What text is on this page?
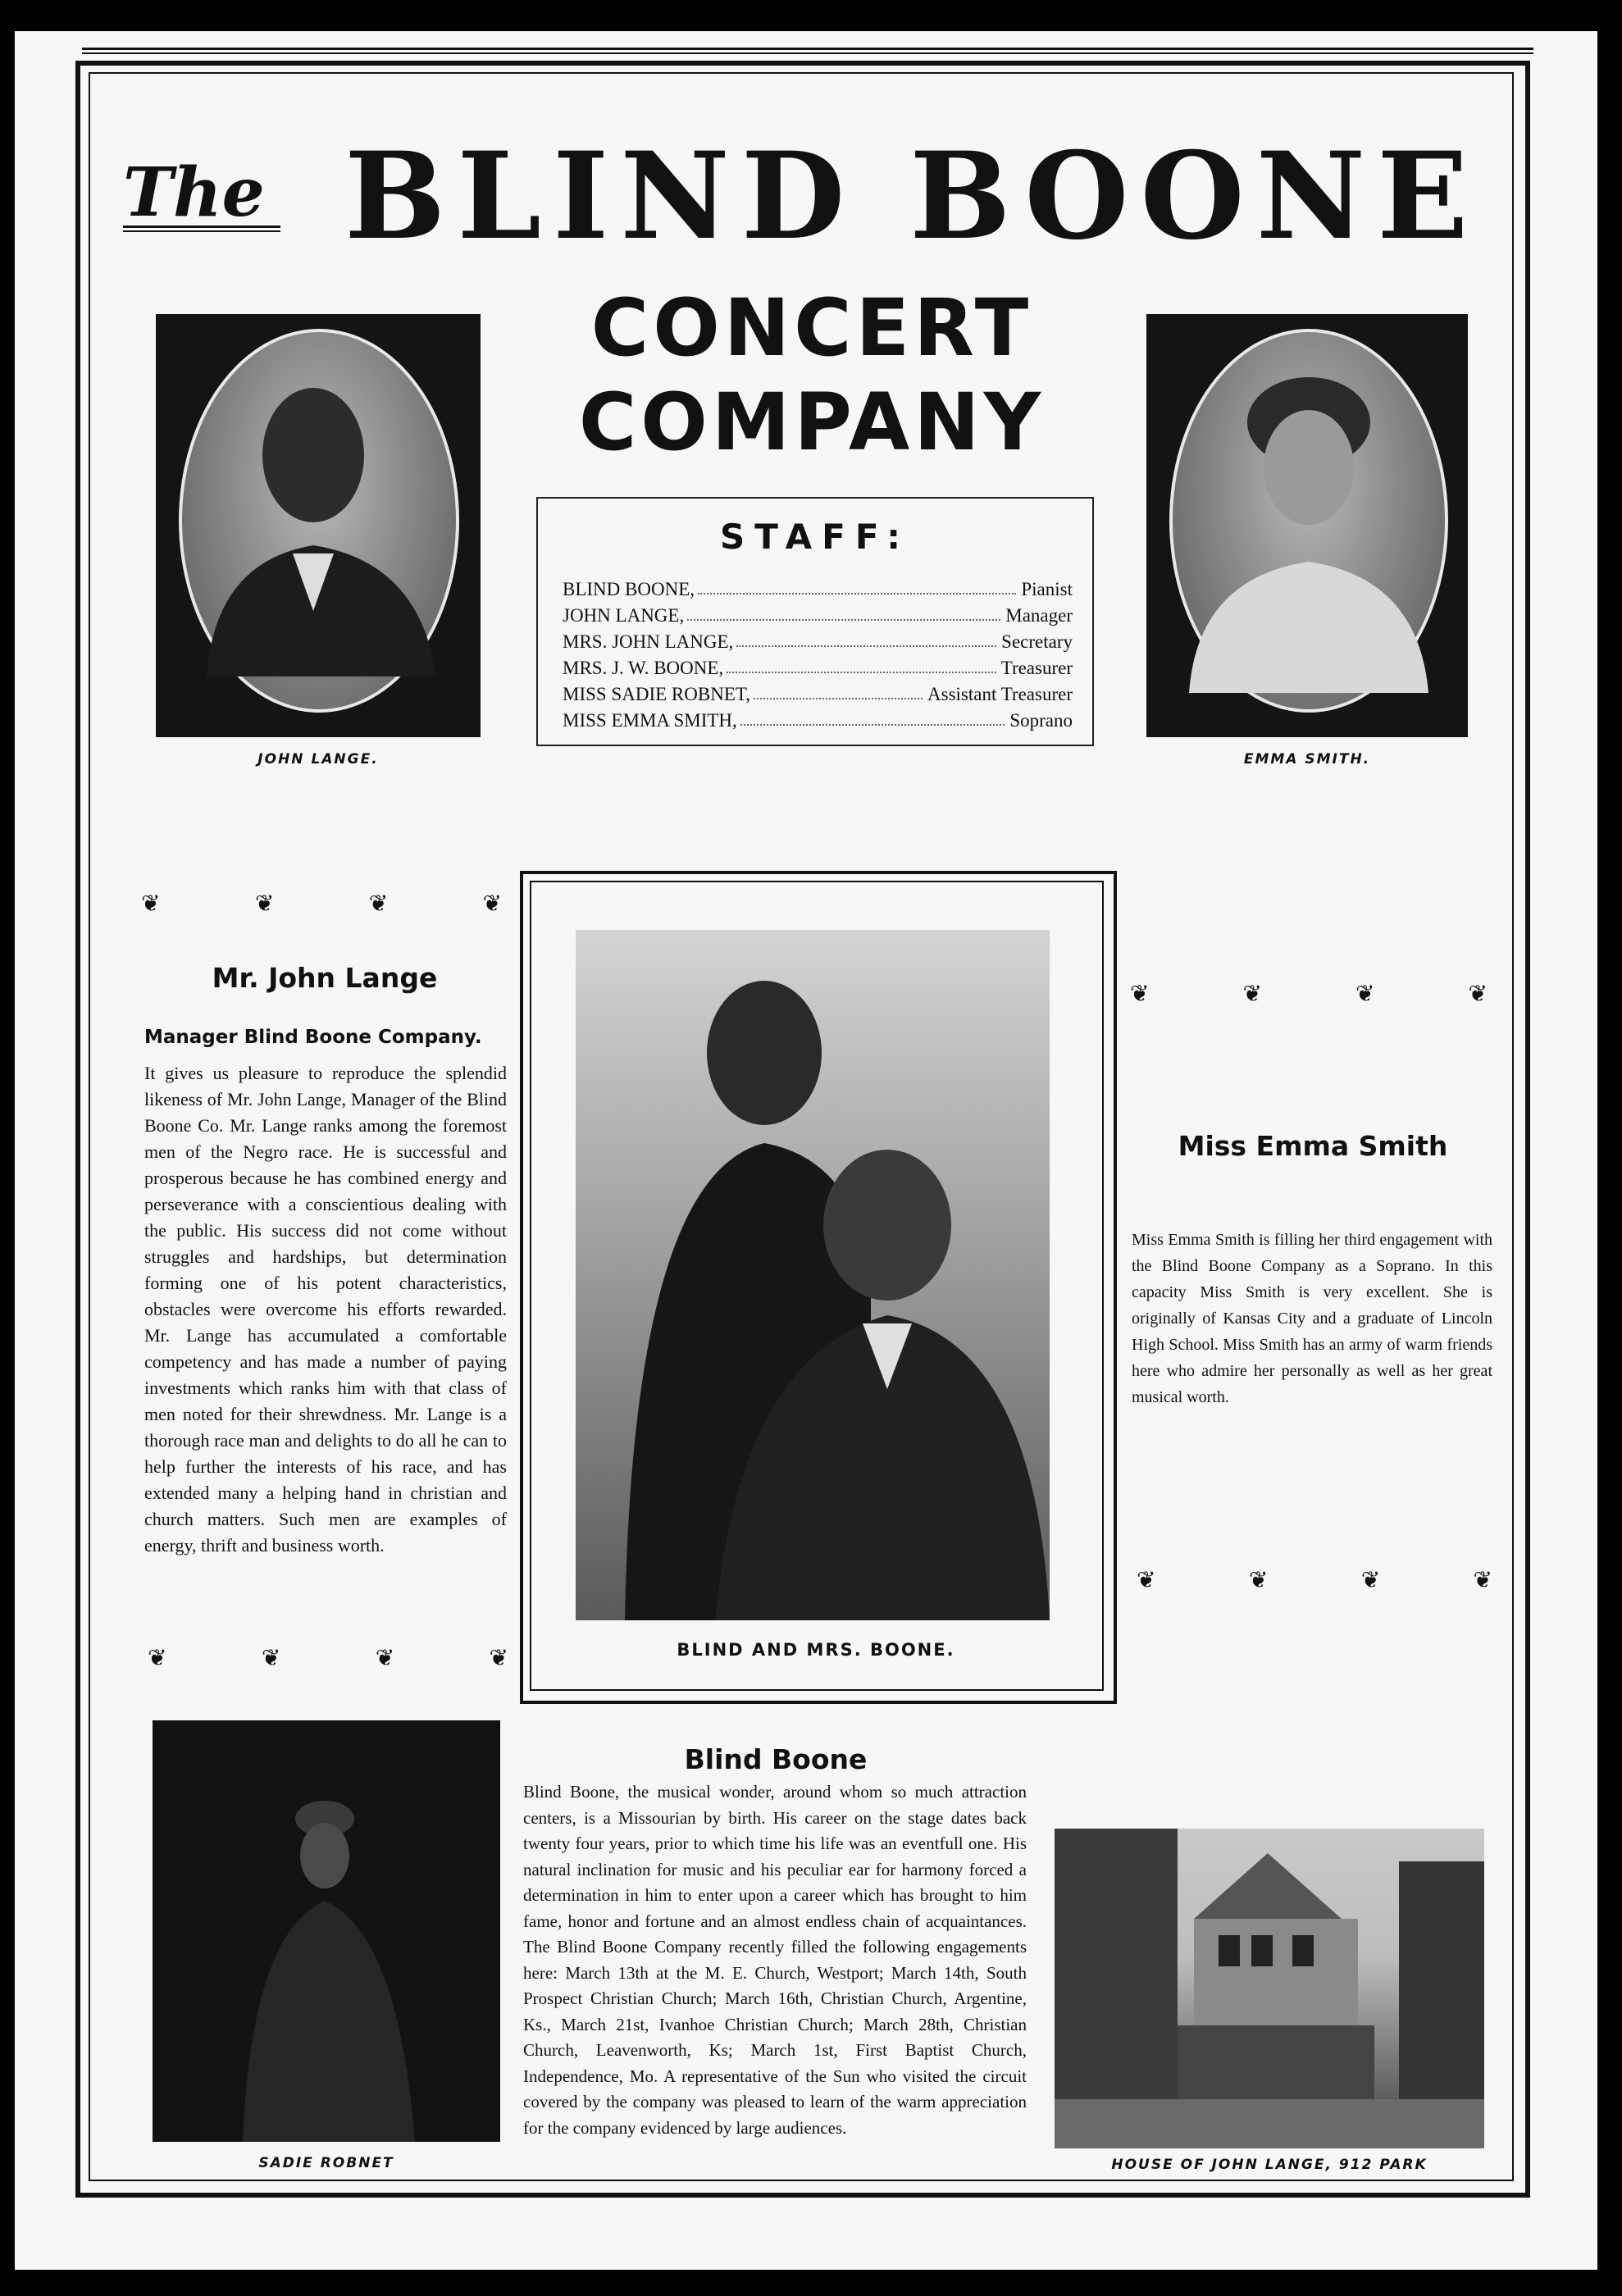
The BLIND BOONE
CONCERT
COMPANY
STAFF:
BLIND BOONE,	Pianist
JOHN LANGE,	Manager
MRS. JOHN LANGE,	Secretary
MRS. J. W. BOONE,	Treasurer
MISS SADIE ROBNET,	Assistant Treasurer
MISS EMMA SMITH,	Soprano
JOHN LANGE.	EMMA SMITH.
❦	❦	❦	❦
Mr. John Lange
Manager Blind Boone Company.
It gives us pleasure to reproduce the splendid likeness of Mr. John Lange, Manager of the Blind Boone Co. Mr. Lange ranks among the foremost men of the Negro race. He is successful and prosperous because he has combined energy and perseverance with a conscientious dealing with the public. His success did not come without struggles and hardships, but determination forming one of his potent characteristics, obstacles were overcome his efforts rewarded. Mr. Lange has accumulated a comfortable competency and has made a number of paying investments which ranks him with that class of men noted for their shrewdness. Mr. Lange is a thorough race man and delights to do all he can to help further the interests of his race, and has extended many a helping hand in christian and church matters. Such men are examples of energy, thrift and business worth.
❦	❦	❦	❦	BLIND AND MRS. BOONE.
❦	❦	❦	❦
Miss Emma Smith
Miss Emma Smith is filling her third engagement with the Blind Boone Company as a Soprano. In this capacity Miss Smith is very excellent. She is originally of Kansas City and a graduate of Lincoln High School. Miss Smith has an army of warm friends here who admire her personally as well as her great musical worth.
❦	❦	❦	❦
SADIE ROBNET
Blind Boone
Blind Boone, the musical wonder, around whom so much attraction centers, is a Missourian by birth. His career on the stage dates back twenty four years, prior to which time his life was an eventfull one. His natural inclination for music and his peculiar ear for harmony forced a determination in him to enter upon a career which has brought to him fame, honor and fortune and an almost endless chain of acquaintances. The Blind Boone Company recently filled the following engagements here: March 13th at the M. E. Church, Westport; March 14th, South Prospect Christian Church; March 16th, Christian Church, Argentine, Ks., March 21st, Ivanhoe Christian Church; March 28th, Christian Church, Leavenworth, Ks; March 1st, First Baptist Church, Independence, Mo. A representative of the Sun who visited the circuit covered by the company was pleased to learn of the warm appreciation for the company evidenced by large audiences.
HOUSE OF JOHN LANGE, 912 PARK
